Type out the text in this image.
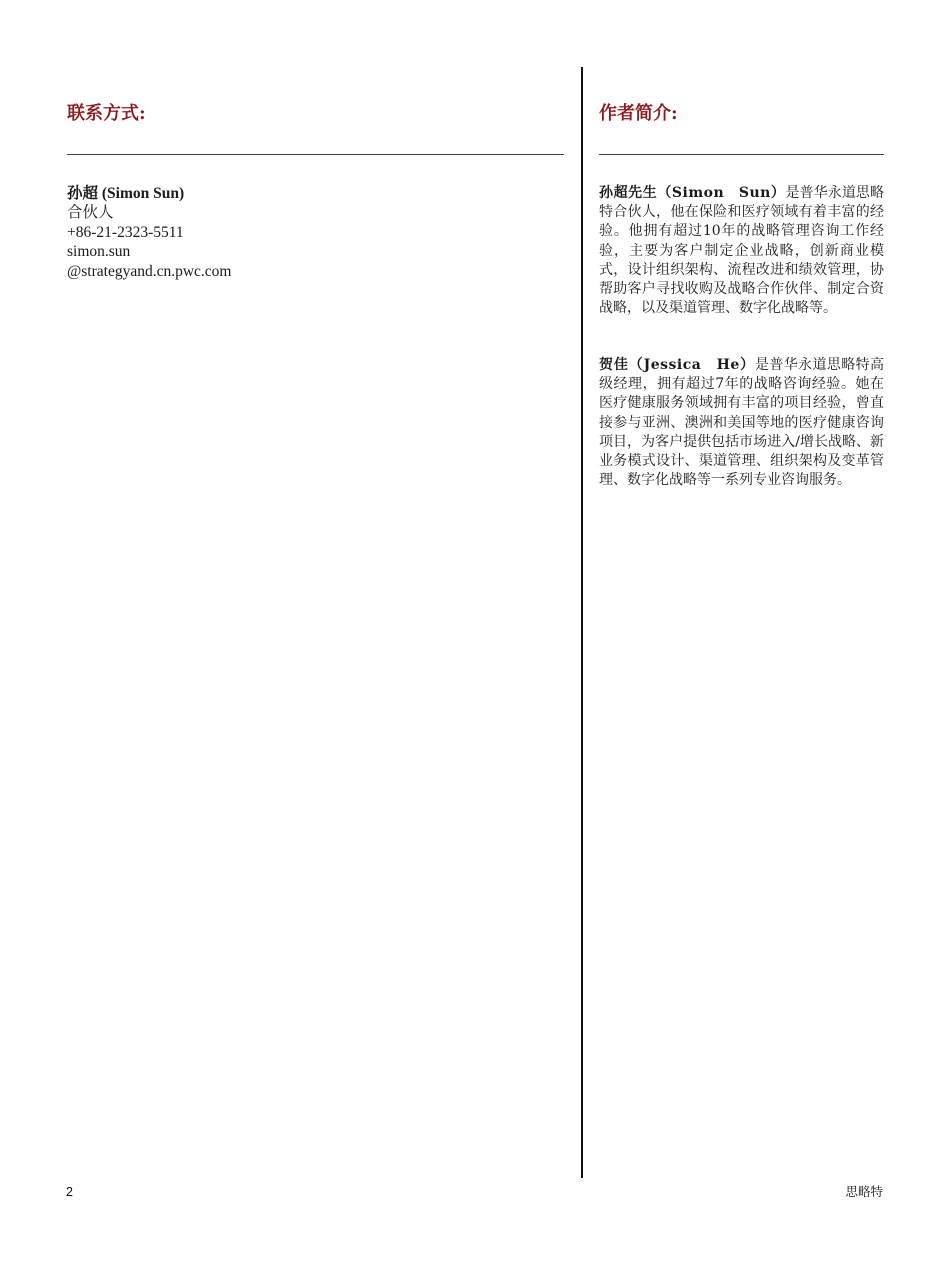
联系方式:
孙超 (Simon Sun)
合伙人
+86-21-2323-5511
simon.sun
@strategyand.cn.pwc.com
作者简介:

孙超先生（Simon　Sun）是普华永道思略特合伙人，他在保险和医疗领域有着丰富的经验。他拥有超过10年的战略管理咨询工作经验，主要为客户制定企业战略，创新商业模式，设计组织架构、流程改进和绩效管理，协帮助客户寻找收购及战略合作伙伴、制定合资战略，以及渠道管理、数字化战略等。

贺佳（Jessica　He）是普华永道思略特高级经理，拥有超过7年的战略咨询经验。她在医疗健康服务领域拥有丰富的项目经验，曾直接参与亚洲、澳洲和美国等地的医疗健康咨询项目，为客户提供包括市场进入/增长战略、新业务模式设计、渠道管理、组织架构及变革管理、数字化战略等一系列专业咨询服务。

2	思略特
